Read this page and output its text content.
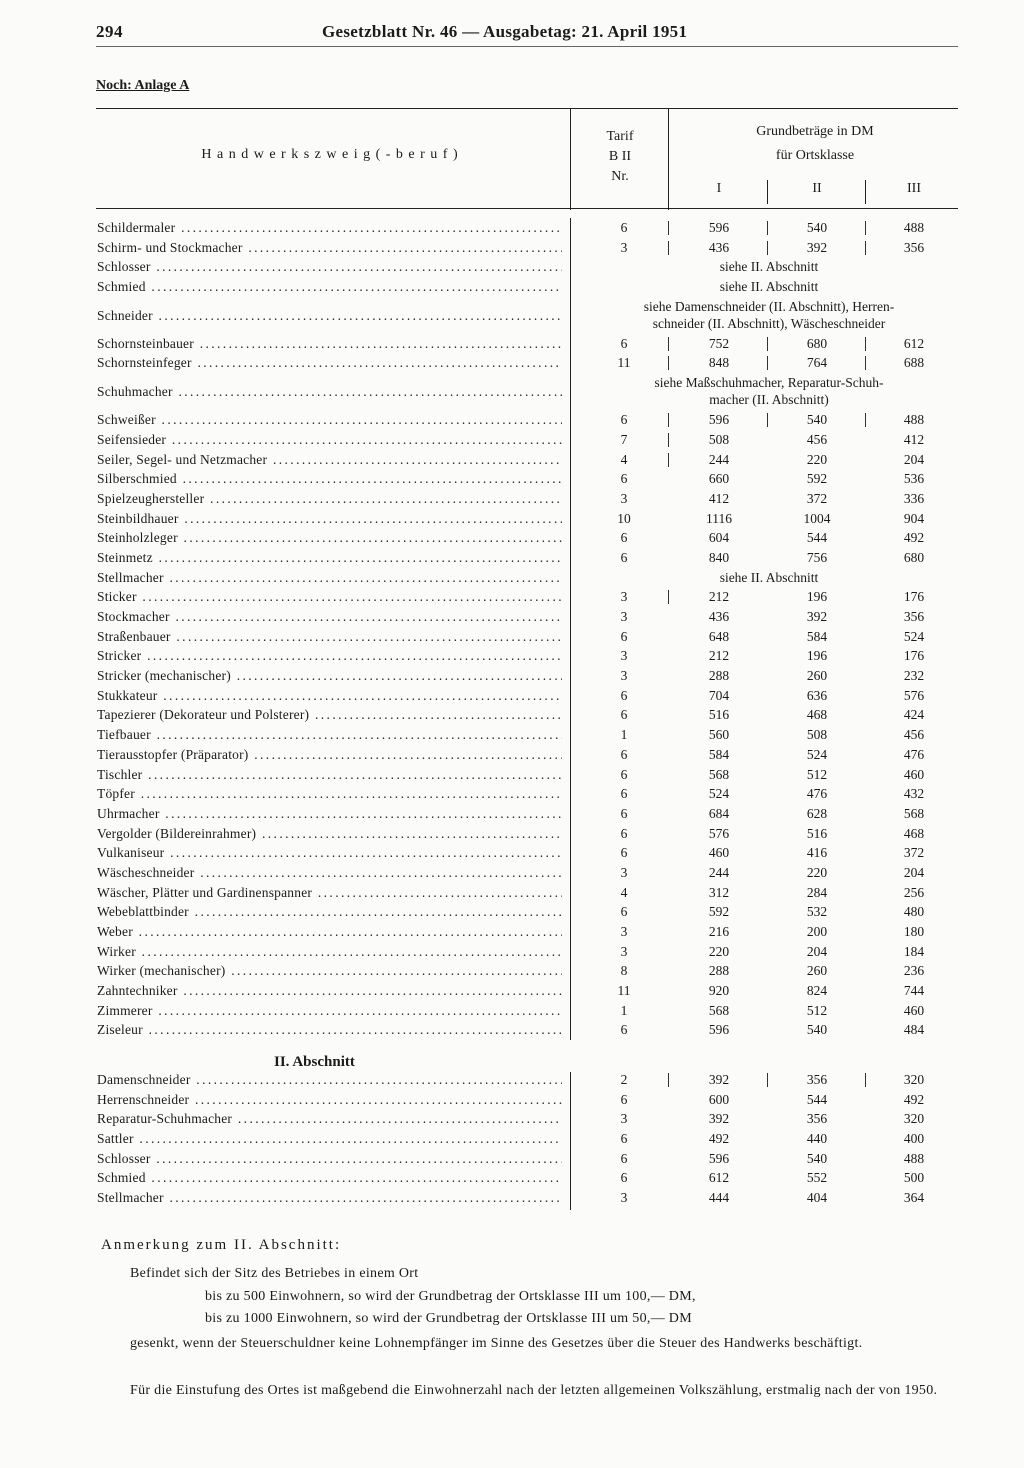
294	Gesetzblatt Nr. 46 — Ausgabetag: 21. April 1951
Noch: Anlage A
H a n d w e r k s z w e i g ( - b e r u f )
Tarif
B II
Nr.
Grundbeträge in DM
für Ortsklasse
I	II	III
Schildermaler .....	6	596	540	488
Schirm- und Stockmacher .....	3	436	392	356
Schlosser .....	siehe II. Abschnitt
Schmied .....	siehe II. Abschnitt
Schneider .....
siehe Damenschneider (II. Abschnitt), Herren-
schneider (II. Abschnitt), Wäscheschneider
Schornsteinbauer .....	6	752	680	612
Schornsteinfeger .....	11	848	764	688
Schuhmacher .....
siehe Maßschuhmacher, Reparatur-Schuh-
macher (II. Abschnitt)
Schweißer .....	6	596	540	488
Seifensieder .....	7	508	456	412
Seiler, Segel- und Netzmacher .....	4	244	220	204
Silberschmied .....	6	660	592	536
Spielzeughersteller .....	3	412	372	336
Steinbildhauer .....	10	1116	1004	904
Steinholzleger .....	6	604	544	492
Steinmetz .....	6	840	756	680
Stellmacher .....	siehe II. Abschnitt
Sticker .....	3	212	196	176
Stockmacher .....	3	436	392	356
Straßenbauer .....	6	648	584	524
Stricker .....	3	212	196	176
Stricker (mechanischer) .....	3	288	260	232
Stukkateur .....	6	704	636	576
Tapezierer (Dekorateur und Polsterer) .....	6	516	468	424
Tiefbauer .....	1	560	508	456
Tierausstopfer (Präparator) .....	6	584	524	476
Tischler .....	6	568	512	460
Töpfer .....	6	524	476	432
Uhrmacher .....	6	684	628	568
Vergolder (Bildereinrahmer) .....	6	576	516	468
Vulkaniseur .....	6	460	416	372
Wäscheschneider .....	3	244	220	204
Wäscher, Plätter und Gardinenspanner .....	4	312	284	256
Webeblattbinder .....	6	592	532	480
Weber .....	3	216	200	180
Wirker .....	3	220	204	184
Wirker (mechanischer) .....	8	288	260	236
Zahntechniker .....	11	920	824	744
Zimmerer .....	1	568	512	460
Ziseleur .....	6	596	540	484
II. Abschnitt
Damenschneider .....	2	392	356	320
Herrenschneider .....	6	600	544	492
Reparatur-Schuhmacher .....	3	392	356	320
Sattler .....	6	492	440	400
Schlosser .....	6	596	540	488
Schmied .....	6	612	552	500
Stellmacher .....	3	444	404	364
Anmerkung zum II. Abschnitt:
Befindet sich der Sitz des Betriebes in einem Ort
bis zu 500 Einwohnern, so wird der Grundbetrag der Ortsklasse III um 100,— DM,
bis zu 1000 Einwohnern, so wird der Grundbetrag der Ortsklasse III um 50,— DM
gesenkt, wenn der Steuerschuldner keine Lohnempfänger im Sinne des Gesetzes über die Steuer des Handwerks beschäftigt.
Für die Einstufung des Ortes ist maßgebend die Einwohnerzahl nach der letzten allgemeinen Volkszählung, erstmalig nach der von 1950.
